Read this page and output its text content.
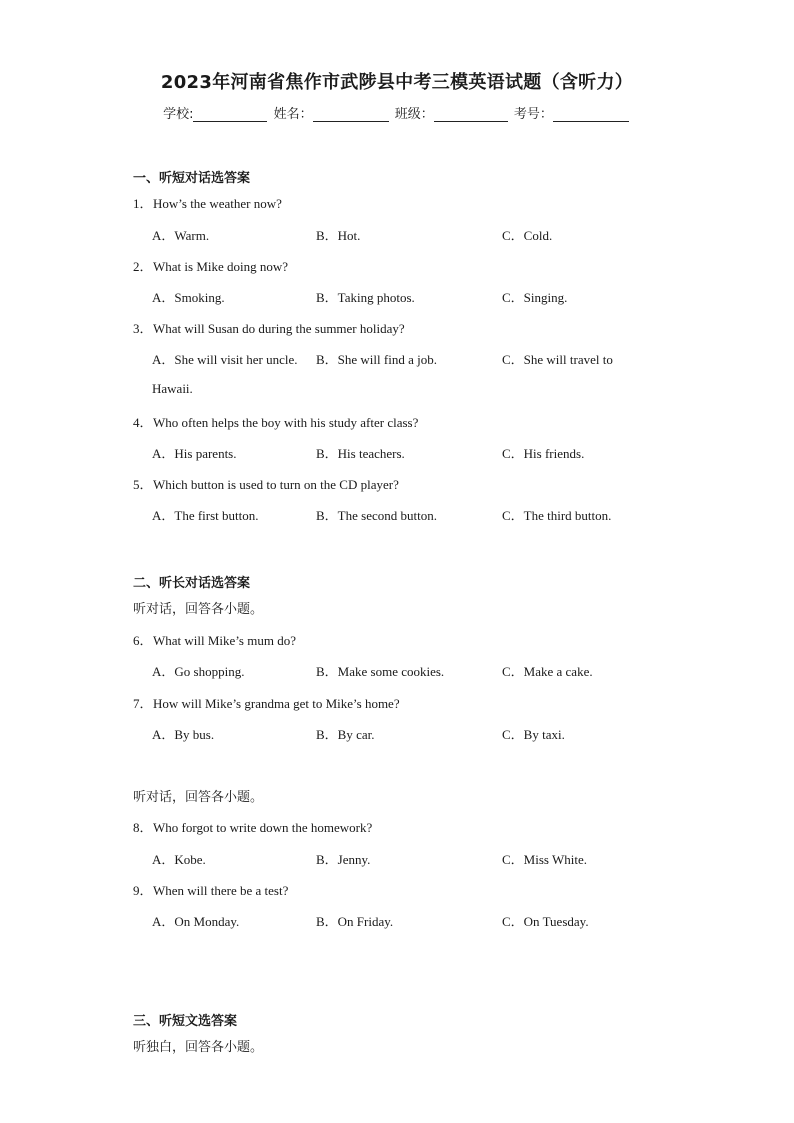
2023年河南省焦作市武陟县中考三模英语试题（含听力）
学校:	姓名：	班级：	考号：
一、听短对话选答案
1．How’s the weather now?
A．Warm.	B．Hot.	C．Cold.
2．What is Mike doing now?
A．Smoking.	B．Taking photos.	C．Singing.
3．What will Susan do during the summer holiday?
A．She will visit her uncle. B．She will find a job.	C．She will travel to
Hawaii.
4．Who often helps the boy with his study after class?
A．His parents.	B．His teachers.	C．His friends.
5．Which button is used to turn on the CD player?
A．The first button.	B．The second button.	C．The third button.
二、听长对话选答案
听对话，回答各小题。
6．What will Mike’s mum do?
A．Go shopping.	B．Make some cookies.	C．Make a cake.
7．How will Mike’s grandma get to Mike’s home?
A．By bus.	B．By car.	C．By taxi.
听对话，回答各小题。
8．Who forgot to write down the homework?
A．Kobe.	B．Jenny.	C．Miss White.
9．When will there be a test?
A．On Monday.	B．On Friday.	C．On Tuesday.
三、听短文选答案
听独白，回答各小题。
